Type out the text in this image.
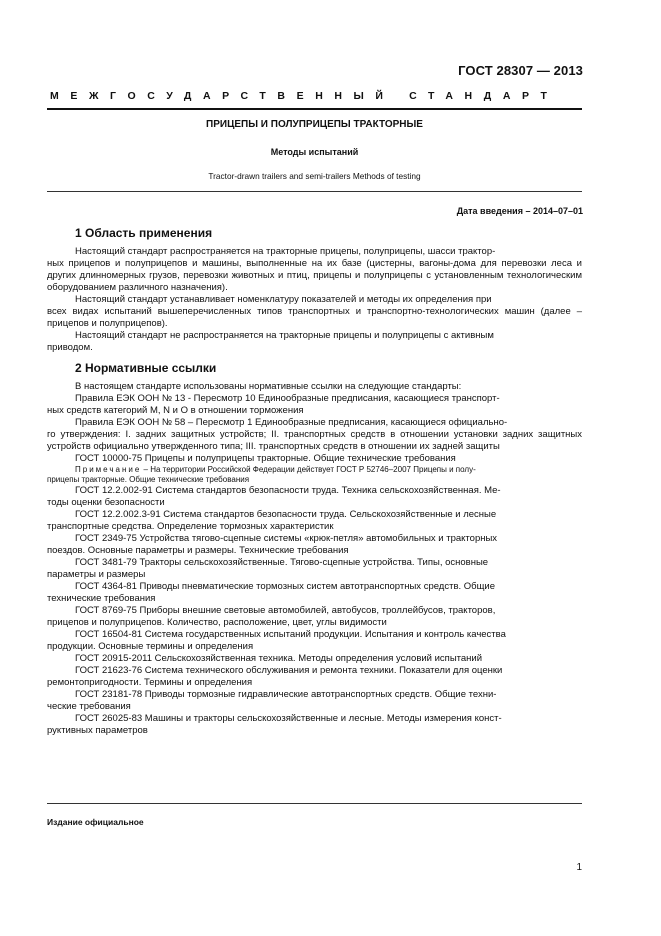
ГОСТ 28307 — 2013
МЕЖГОСУДАРСТВЕННЫЙ СТАНДАРТ
ПРИЦЕПЫ И ПОЛУПРИЦЕПЫ ТРАКТОРНЫЕ
Методы испытаний
Tractor-drawn trailers and semi-trailers Methods of testing
Дата введения – 2014–07–01
1 Область применения
Настоящий стандарт распространяется на тракторные прицепы, полуприцепы, шасси трактор-
ных прицепов и полуприцепов и машины, выполненные на их базе (цистерны, вагоны-дома для перевозки леса и других длинномерных грузов, перевозки животных и птиц, прицепы и полуприцепы с установленным технологическим оборудованием различного назначения).
Настоящий стандарт устанавливает номенклатуру показателей и методы их определения при
всех видах испытаний вышеперечисленных типов транспортных и транспортно-технологических машин (далее – прицепов и полуприцепов).
Настоящий стандарт не распространяется на тракторные прицепы и полуприцепы с активным
приводом.
2 Нормативные ссылки

В настоящем стандарте использованы нормативные ссылки на следующие стандарты:

Правила ЕЭК ООН № 13 - Пересмотр 10 Единообразные предписания, касающиеся транспорт-
ных средств категорий M, N и O в отношении торможения
Правила ЕЭК ООН № 58 – Пересмотр 1 Единообразные предписания, касающиеся официально-
го утверждения: I. задних защитных устройств; II. транспортных средств в отношении установки задних защитных устройств официально утвержденного типа; III. транспортных средств в отношении их задней защиты
ГОСТ 10000-75 Прицепы и полуприцепы тракторные. Общие технические требования
Примечание – На территории Российской Федерации действует ГОСТ Р 52746–2007 Прицепы и полу-
прицепы тракторные. Общие технические требования
ГОСТ 12.2.002-91 Система стандартов безопасности труда. Техника сельскохозяйственная. Ме-
тоды оценки безопасности
ГОСТ 12.2.002.3-91 Система стандартов безопасности труда. Сельскохозяйственные и лесные
транспортные средства. Определение тормозных характеристик
ГОСТ 2349-75 Устройства тягово-сцепные системы «крюк-петля» автомобильных и тракторных
поездов. Основные параметры и размеры. Технические требования
ГОСТ 3481-79 Тракторы сельскохозяйственные. Тягово-сцепные устройства. Типы, основные
параметры и размеры
ГОСТ 4364-81 Приводы пневматические тормозных систем автотранспортных средств. Общие
технические требования
ГОСТ 8769-75 Приборы внешние световые автомобилей, автобусов, троллейбусов, тракторов,
прицепов и полуприцепов. Количество, расположение, цвет, углы видимости
ГОСТ 16504-81 Система государственных испытаний продукции. Испытания и контроль качества
продукции. Основные термины и определения
ГОСТ 20915-2011 Сельскохозяйственная техника. Методы определения условий испытаний
ГОСТ 21623-76 Система технического обслуживания и ремонта техники. Показатели для оценки
ремонтопригодности. Термины и определения
ГОСТ 23181-78 Приводы тормозные гидравлические автотранспортных средств. Общие техни-
ческие требования
ГОСТ 26025-83 Машины и тракторы сельскохозяйственные и лесные. Методы измерения конст-
руктивных параметров
Издание официальное
1
